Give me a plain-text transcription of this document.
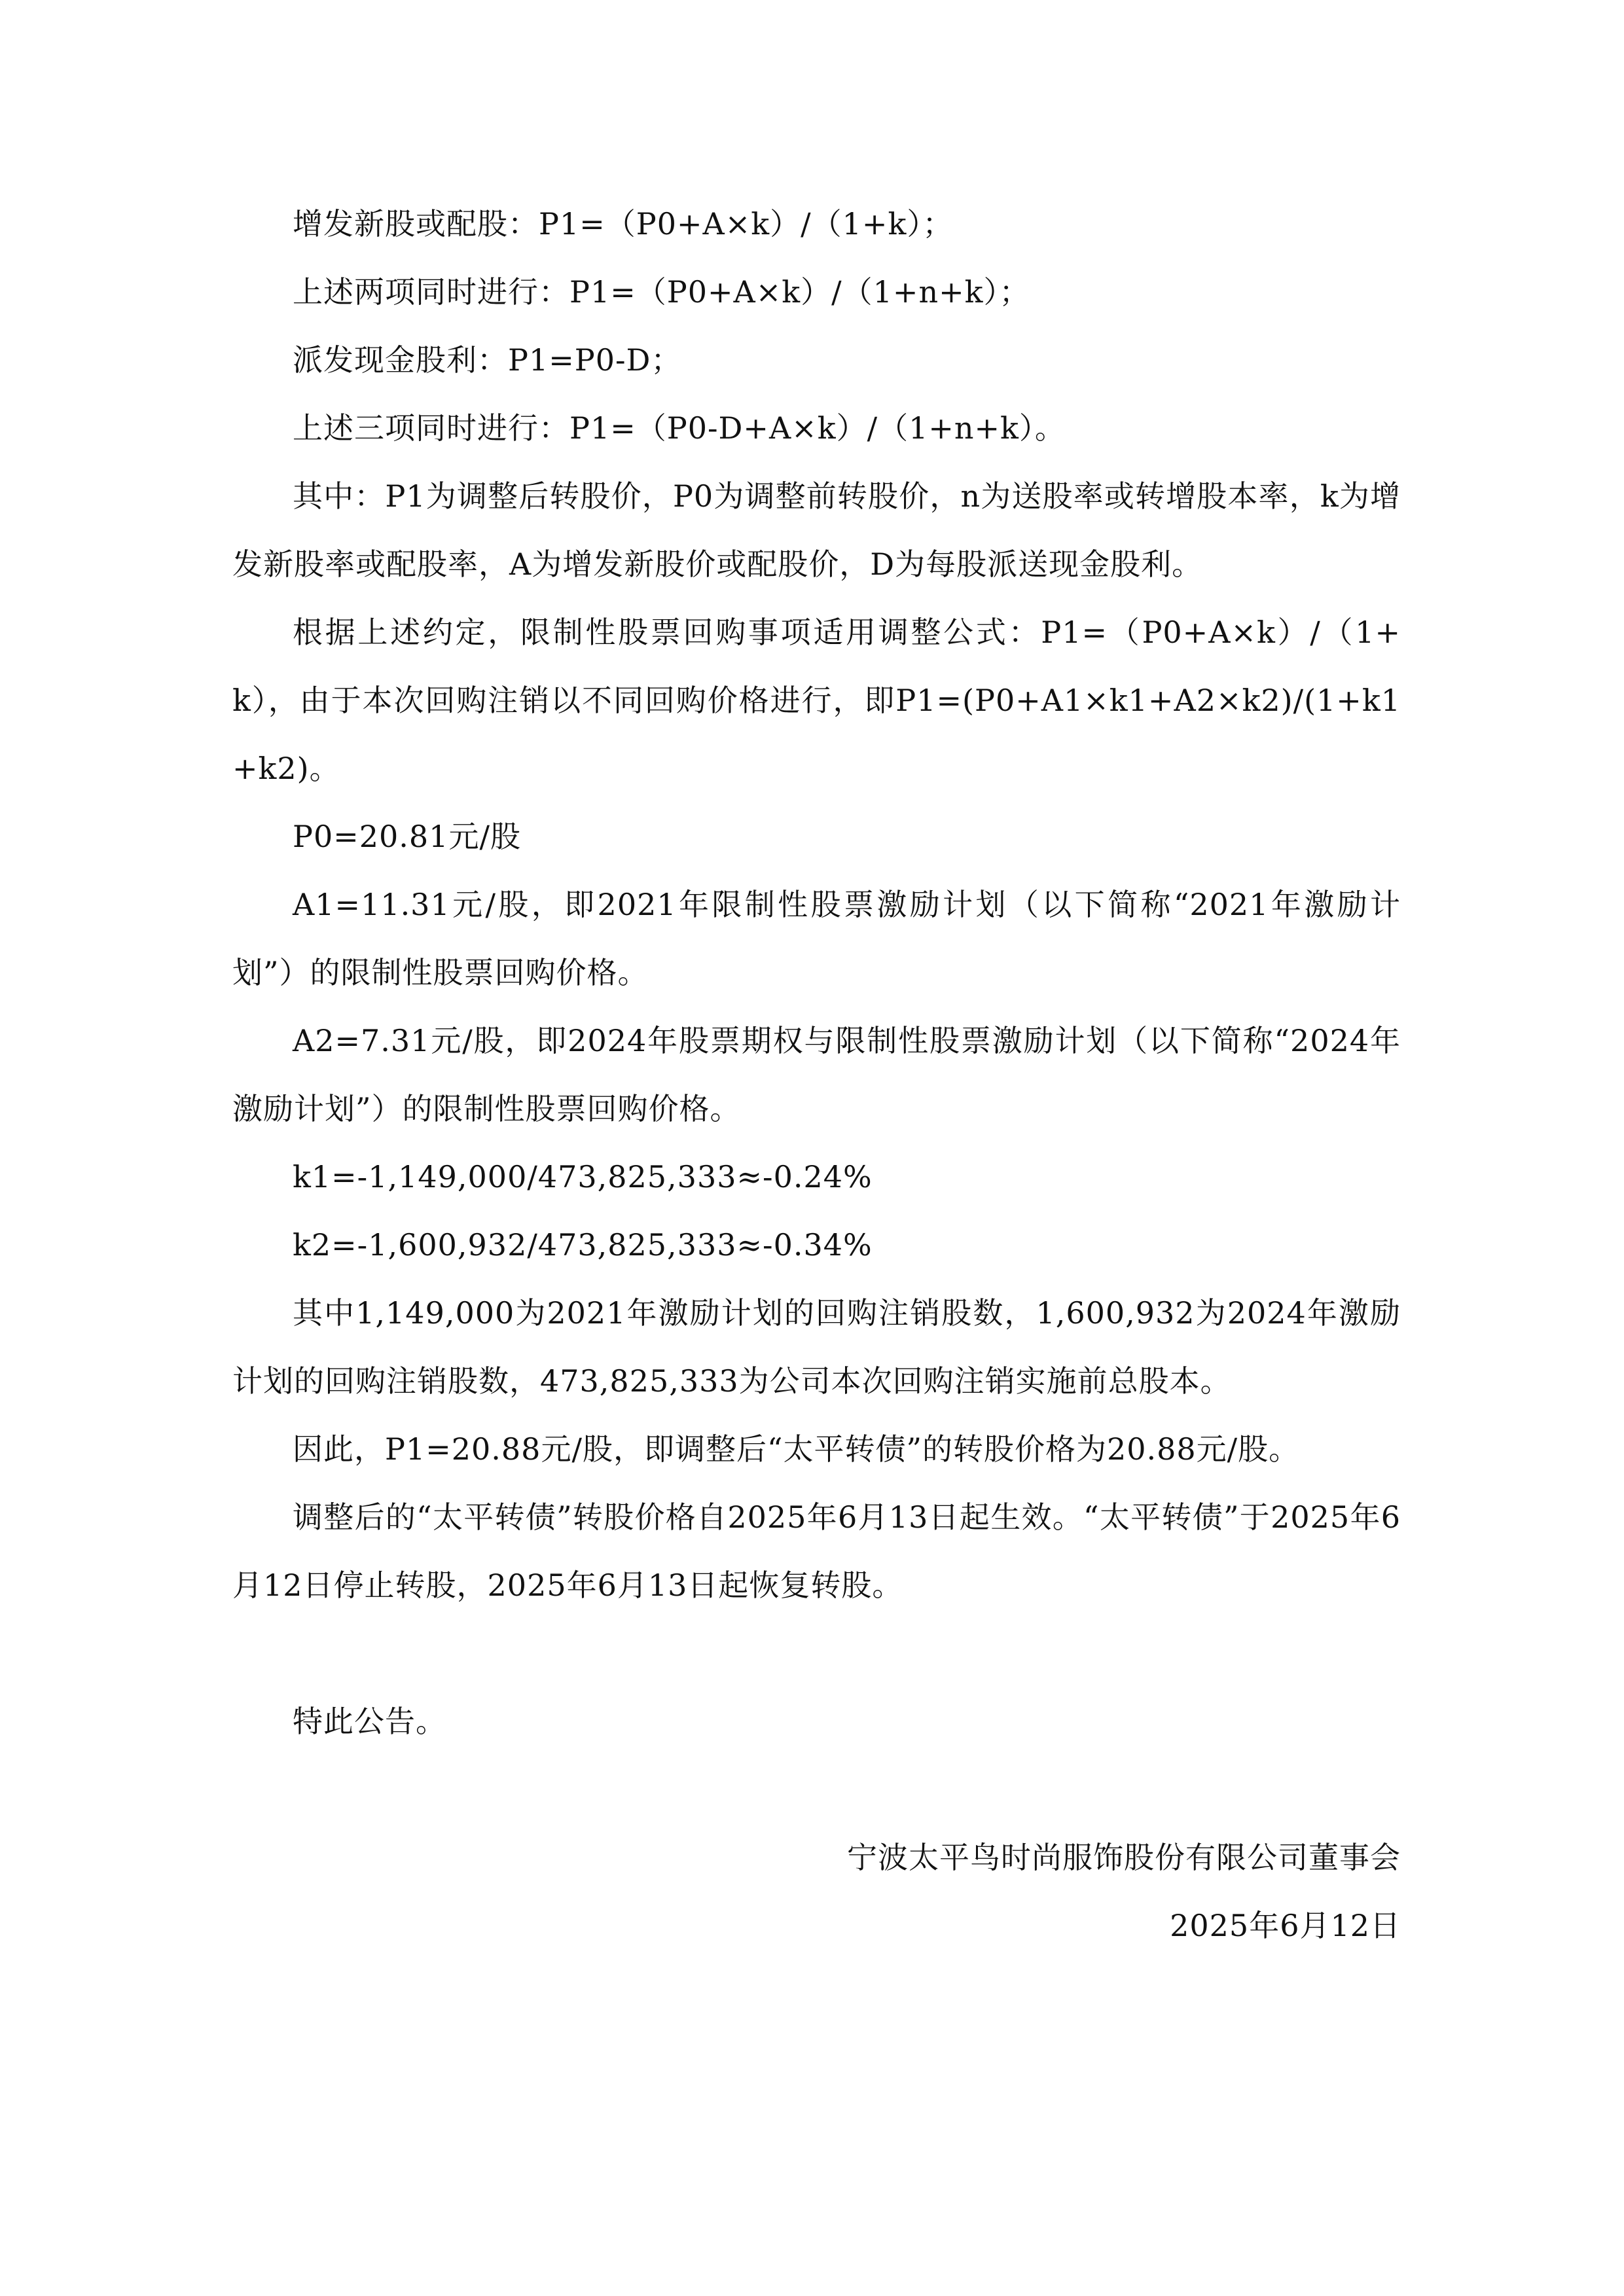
增发新股或配股：P1=（P0+A×k）/（1+k）；

上述两项同时进行：P1=（P0+A×k）/（1+n+k）；

派发现金股利：P1=P0-D；

上述三项同时进行：P1=（P0-D+A×k）/（1+n+k）。

其中：P1为调整后转股价，P0为调整前转股价，n为送股率或转增股本率，k为增发新股率或配股率，A为增发新股价或配股价，D为每股派送现金股利。

根据上述约定，限制性股票回购事项适用调整公式：P1=（P0+A×k）/（1+k），由于本次回购注销以不同回购价格进行，即P1=(P0+A1×k1+A2×k2)/(1+k1+k2)。

P0=20.81元/股

A1=11.31元/股，即2021年限制性股票激励计划（以下简称“2021年激励计划”）的限制性股票回购价格。

A2=7.31元/股，即2024年股票期权与限制性股票激励计划（以下简称“2024年激励计划”）的限制性股票回购价格。

k1=-1,149,000/473,825,333≈-0.24%

k2=-1,600,932/473,825,333≈-0.34%

其中1,149,000为2021年激励计划的回购注销股数，1,600,932为2024年激励计划的回购注销股数，473,825,333为公司本次回购注销实施前总股本。

因此，P1=20.88元/股，即调整后“太平转债”的转股价格为20.88元/股。

调整后的“太平转债”转股价格自2025年6月13日起生效。“太平转债”于2025年6月12日停止转股，2025年6月13日起恢复转股。

特此公告。

宁波太平鸟时尚服饰股份有限公司董事会

2025年6月12日
